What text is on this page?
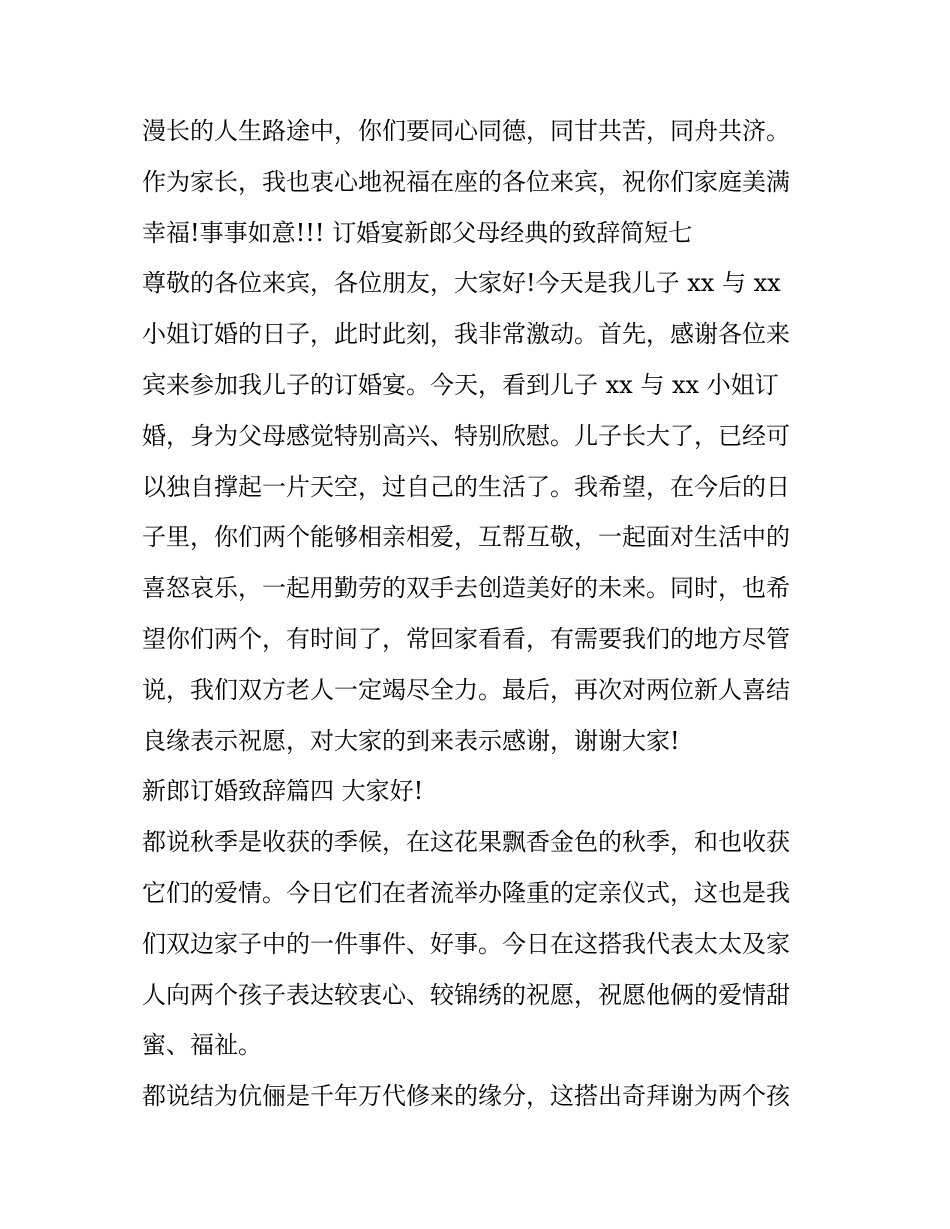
漫长的人生路途中，你们要同心同德，同甘共苦，同舟共济。
作为家长，我也衷心地祝福在座的各位来宾，祝你们家庭美满
幸福!事事如意!!! 订婚宴新郎父母经典的致辞简短七
尊敬的各位来宾，各位朋友，大家好!今天是我儿子 xx 与 xx
小姐订婚的日子，此时此刻，我非常激动。首先，感谢各位来
宾来参加我儿子的订婚宴。今天，看到儿子 xx 与 xx 小姐订
婚，身为父母感觉特别高兴、特别欣慰。儿子长大了，已经可
以独自撑起一片天空，过自己的生活了。我希望，在今后的日
子里，你们两个能够相亲相爱，互帮互敬，一起面对生活中的
喜怒哀乐，一起用勤劳的双手去创造美好的未来。同时，也希
望你们两个，有时间了，常回家看看，有需要我们的地方尽管
说，我们双方老人一定竭尽全力。最后，再次对两位新人喜结
良缘表示祝愿，对大家的到来表示感谢，谢谢大家!
新郎订婚致辞篇四 大家好!
都说秋季是收获的季候，在这花果飘香金色的秋季，和也收获
它们的爱情。今日它们在者流举办隆重的定亲仪式，这也是我
们双边家子中的一件事件、好事。今日在这搭我代表太太及家
人向两个孩子表达较衷心、较锦绣的祝愿，祝愿他俩的爱情甜
蜜、福祉。
都说结为伉俪是千年万代修来的缘分，这搭出奇拜谢为两个孩
